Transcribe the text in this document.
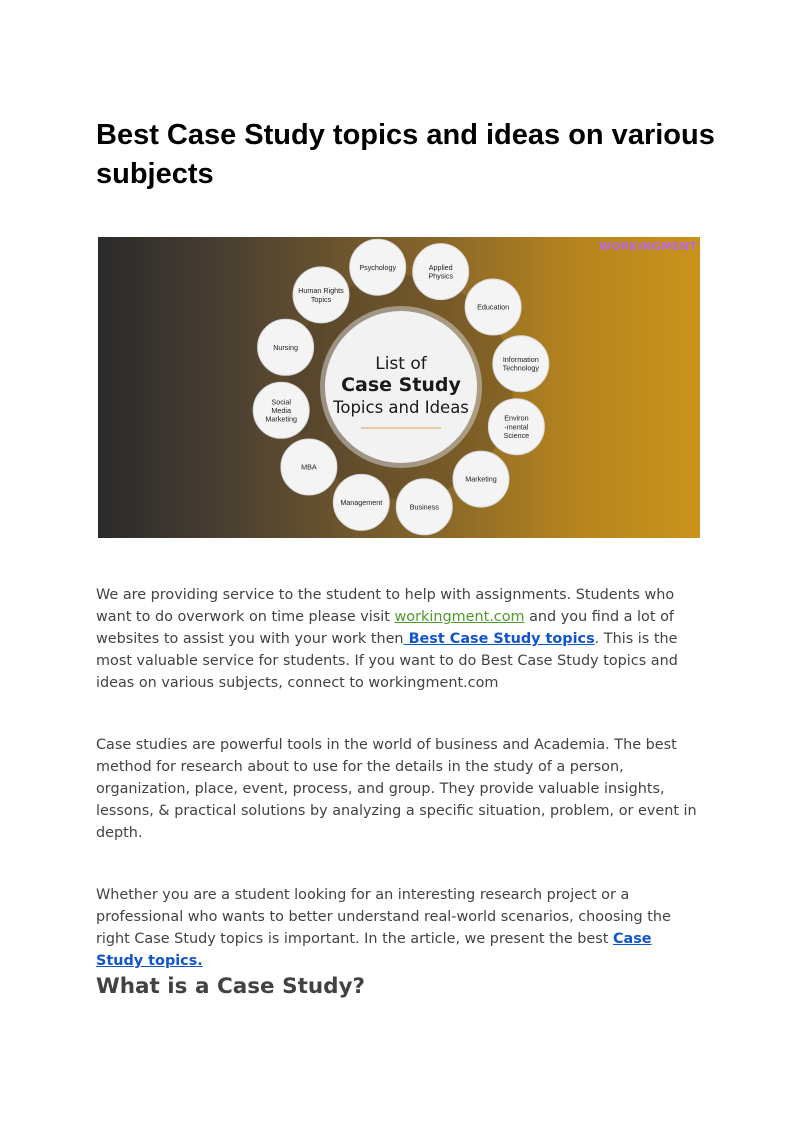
Best Case Study topics and ideas on various subjects
Psychology	Applied
Physics
Education
Information
Technology
Environ
-mental
Science
Marketing
Business
Management
MBA
Social
Media
Marketing
Nursing
Human Rights
Topics
List of
Case Study
Topics and Ideas
WORKINGMENT

We are providing service to the student to help with assignments. Students who want to do overwork on time please visit workingment.com and you find a lot of websites to assist you with your work then Best Case Study topics. This is the most valuable service for students. If you want to do Best Case Study topics and ideas on various subjects, connect to workingment.com

Case studies are powerful tools in the world of business and Academia. The best method for research about to use for the details in the study of a person, organization, place, event, process, and group. They provide valuable insights, lessons, & practical solutions by analyzing a specific situation, problem, or event in depth.

Whether you are a student looking for an interesting research project or a professional who wants to better understand real-world scenarios, choosing the right Case Study topics is important. In the article, we present the best Case Study topics.

What is a Case Study?
